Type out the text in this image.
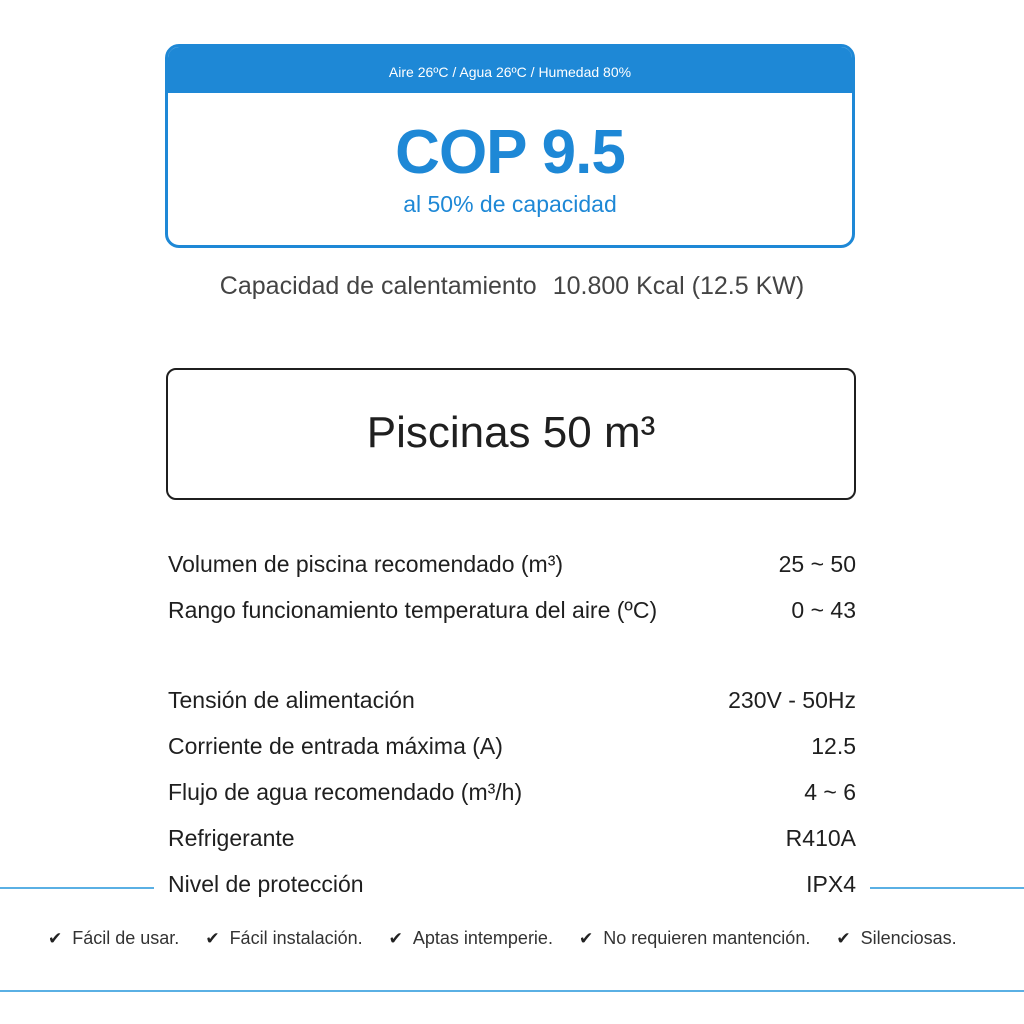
Aire 26ºC / Agua 26ºC / Humedad 80%
COP 9.5
al 50% de capacidad
Capacidad de calentamiento 10.800 Kcal (12.5 KW)
Piscinas 50 m³
Volumen de piscina recomendado (m³)	25 ~ 50
Rango funcionamiento temperatura del aire (ºC)	0 ~ 43
Tensión de alimentación	230V - 50Hz
Corriente de entrada máxima (A)	12.5
Flujo de agua recomendado (m³/h)	4 ~ 6
Refrigerante	R410A
Nivel de protección	IPX4
✔ Fácil de usar. ✔ Fácil instalación. ✔ Aptas intemperie. ✔ No requieren mantención. ✔ Silenciosas.
